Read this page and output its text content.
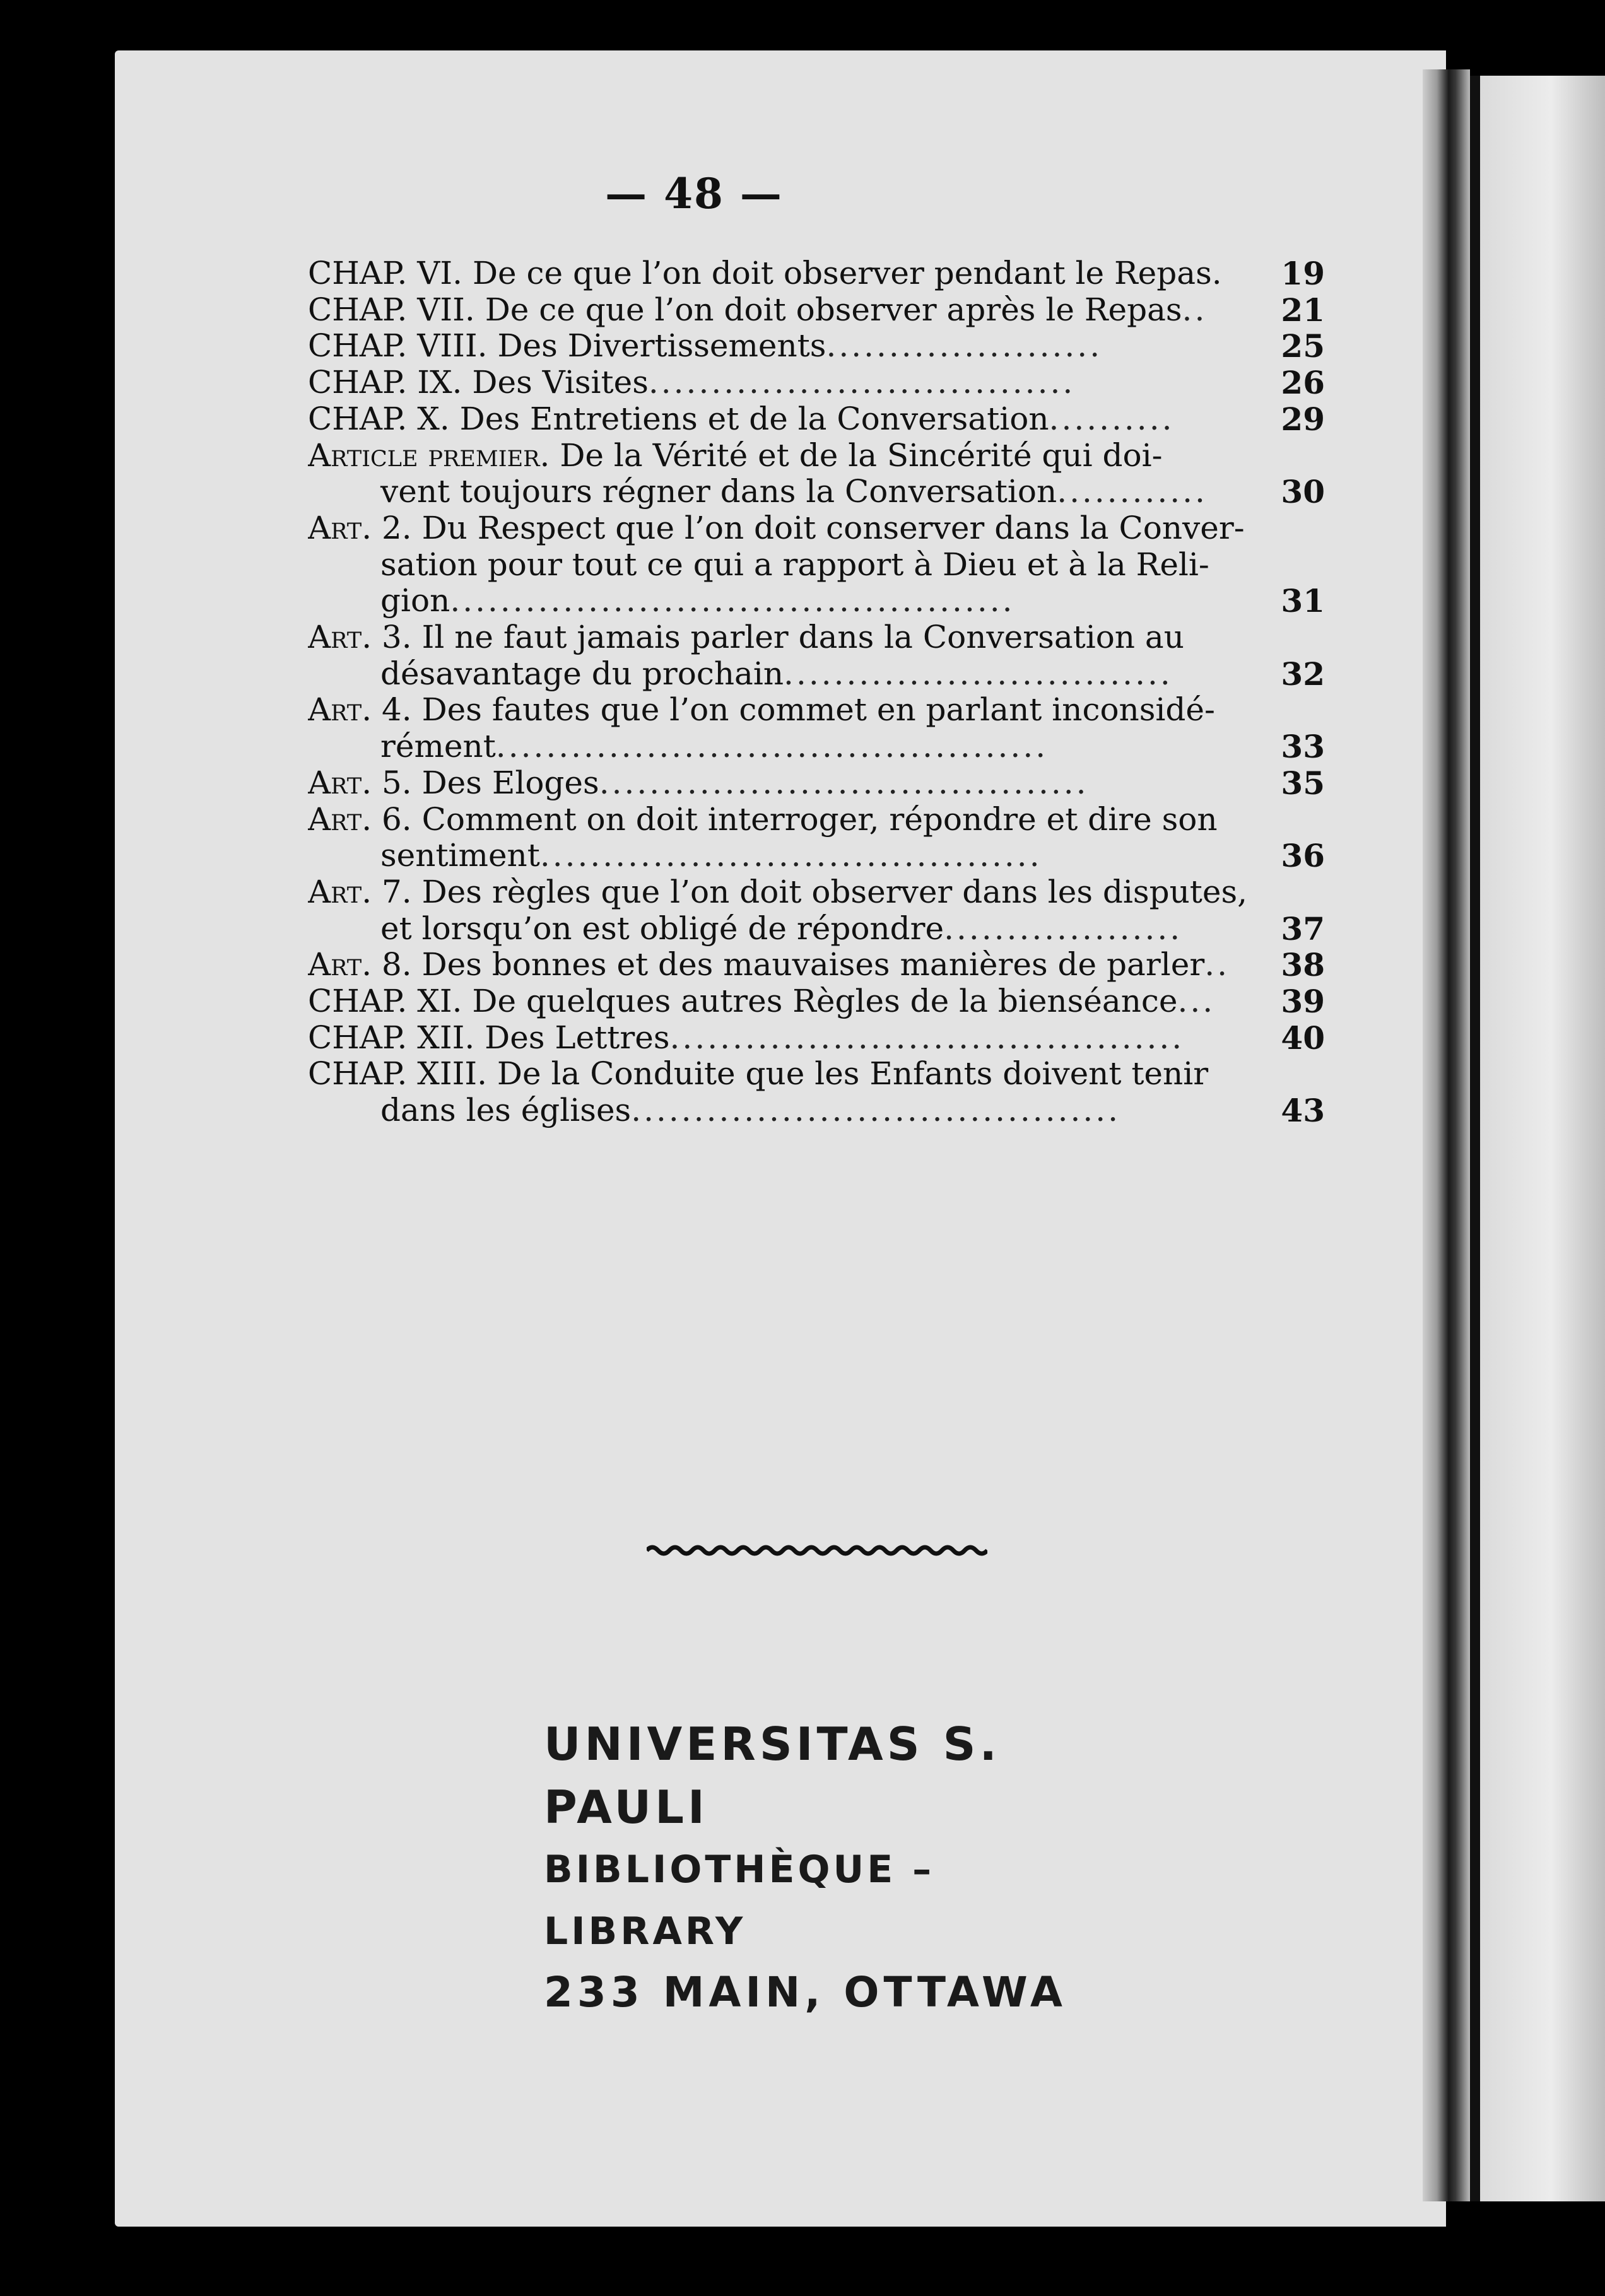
— 48 —
CHAP. VI. De ce que l’on doit observer pendant le Repas. 19
CHAP. VII. De ce que l’on doit observer après le Repas ..	21
CHAP. VIII. Des Divertissements ......................	25
CHAP. IX. Des Visites ..................................	26
CHAP. X. Des Entretiens et de la Conversation ..........	29
Article premier. De la Vérité et de la Sincérité qui doi-
vent toujours régner dans la Conversation ............	30
Art. 2. Du Respect que l’on doit conserver dans la Conver-
sation pour tout ce qui a rapport à Dieu et à la Reli-
gion .............................................	31
Art. 3. Il ne faut jamais parler dans la Conversation au
désavantage du prochain ...............................	32
Art. 4. Des fautes que l’on commet en parlant inconsidé-
rément ............................................	33
Art. 5. Des Eloges .......................................	35
Art. 6. Comment on doit interroger, répondre et dire son
sentiment ........................................	36
Art. 7. Des règles que l’on doit observer dans les disputes,
et lorsqu’on est obligé de répondre ...................	37
Art. 8. Des bonnes et des mauvaises manières de parler ..	38
CHAP. XI. De quelques autres Règles de la bienséance ...	39
CHAP. XII. Des Lettres .........................................	40
CHAP. XIII. De la Conduite que les Enfants doivent tenir
dans les églises .......................................	43
UNIVERSITAS S. PAULI
BIBLIOTHÈQUE – LIBRARY
233 MAIN, OTTAWA
